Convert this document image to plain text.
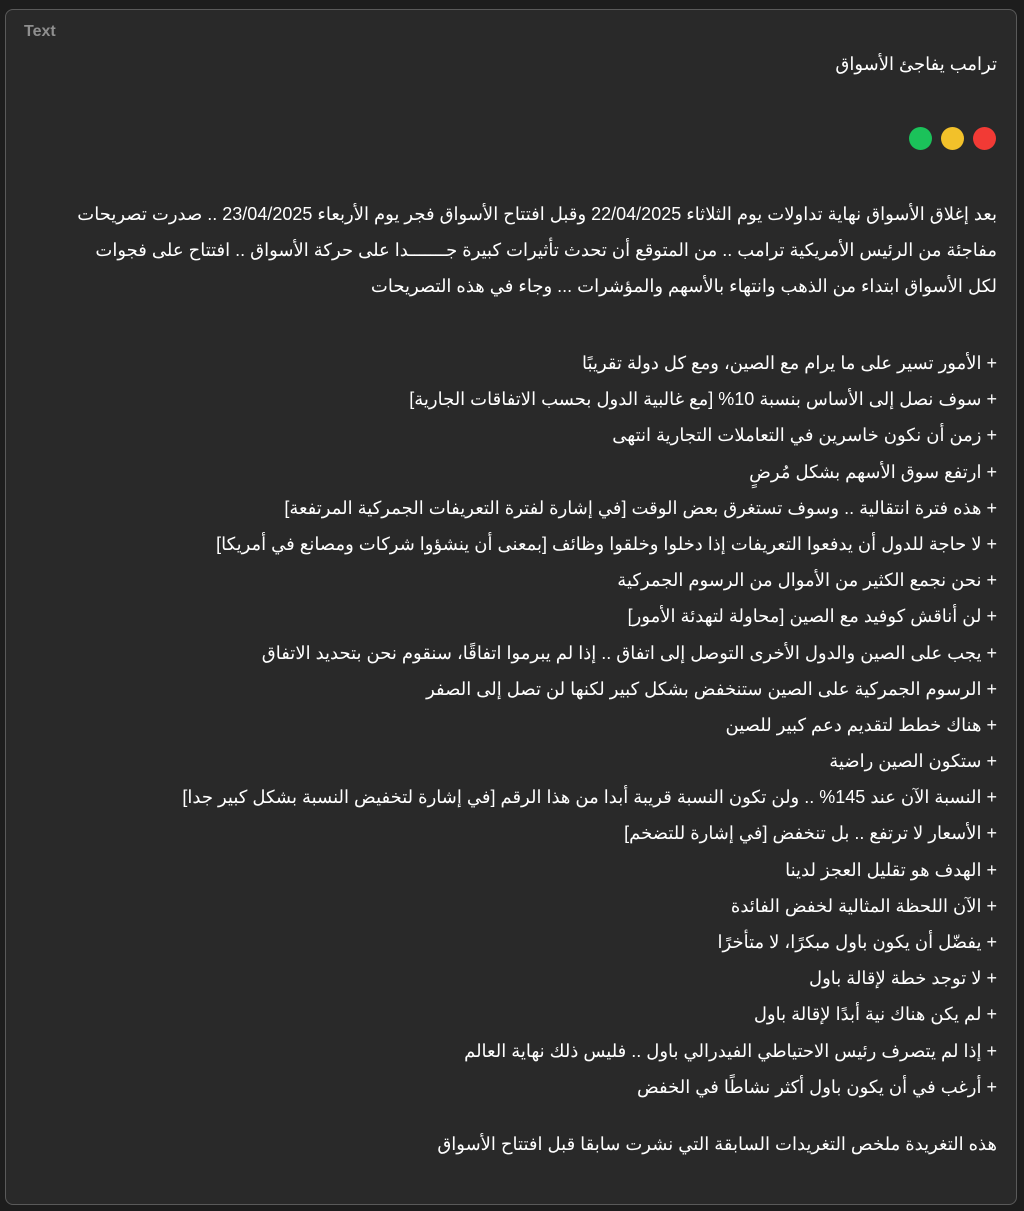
Text
ترامب يفاجئ الأسواق
بعد إغلاق الأسواق نهاية تداولات يوم الثلاثاء 22/04/2025 وقبل افتتاح الأسواق فجر يوم الأربعاء 23/04/2025 .. صدرت تصريحات مفاجئة من الرئيس الأمريكية ترامب .. من المتوقع أن تحدث تأثيرات كبيرة جـــــــدا على حركة الأسواق .. افتتاح على فجوات لكل الأسواق ابتداء من الذهب وانتهاء بالأسهم والمؤشرات ... وجاء في هذه التصريحات
+ الأمور تسير على ما يرام مع الصين، ومع كل دولة تقريبًا
+ سوف نصل إلى الأساس بنسبة 10% [مع غالبية الدول بحسب الاتفاقات الجارية]
+ زمن أن نكون خاسرين في التعاملات التجارية انتهى
+ ارتفع سوق الأسهم بشكل مُرضٍ
+ هذه فترة انتقالية .. وسوف تستغرق بعض الوقت [في إشارة لفترة التعريفات الجمركية المرتفعة]
+ لا حاجة للدول أن يدفعوا التعريفات إذا دخلوا وخلقوا وظائف [بمعنى أن ينشؤوا شركات ومصانع في أمريكا]
+ نحن نجمع الكثير من الأموال من الرسوم الجمركية
+ لن أناقش كوفيد مع الصين [محاولة لتهدئة الأمور]
+ يجب على الصين والدول الأخرى التوصل إلى اتفاق .. إذا لم يبرموا اتفاقًا، سنقوم نحن بتحديد الاتفاق
+ الرسوم الجمركية على الصين ستنخفض بشكل كبير لكنها لن تصل إلى الصفر
+ هناك خطط لتقديم دعم كبير للصين
+ ستكون الصين راضية
+ النسبة الآن عند 145% .. ولن تكون النسبة قريبة أبدا من هذا الرقم [في إشارة لتخفيض النسبة بشكل كبير جدا]
+ الأسعار لا ترتفع .. بل تنخفض [في إشارة للتضخم]
+ الهدف هو تقليل العجز لدينا
+ الآن اللحظة المثالية لخفض الفائدة
+ يفضّل أن يكون باول مبكرًا، لا متأخرًا
+ لا توجد خطة لإقالة باول
+ لم يكن هناك نية أبدًا لإقالة باول
+ إذا لم يتصرف رئيس الاحتياطي الفيدرالي باول .. فليس ذلك نهاية العالم
+ أرغب في أن يكون باول أكثر نشاطًا في الخفض
هذه التغريدة ملخص التغريدات السابقة التي نشرت سابقا قبل افتتاح الأسواق
